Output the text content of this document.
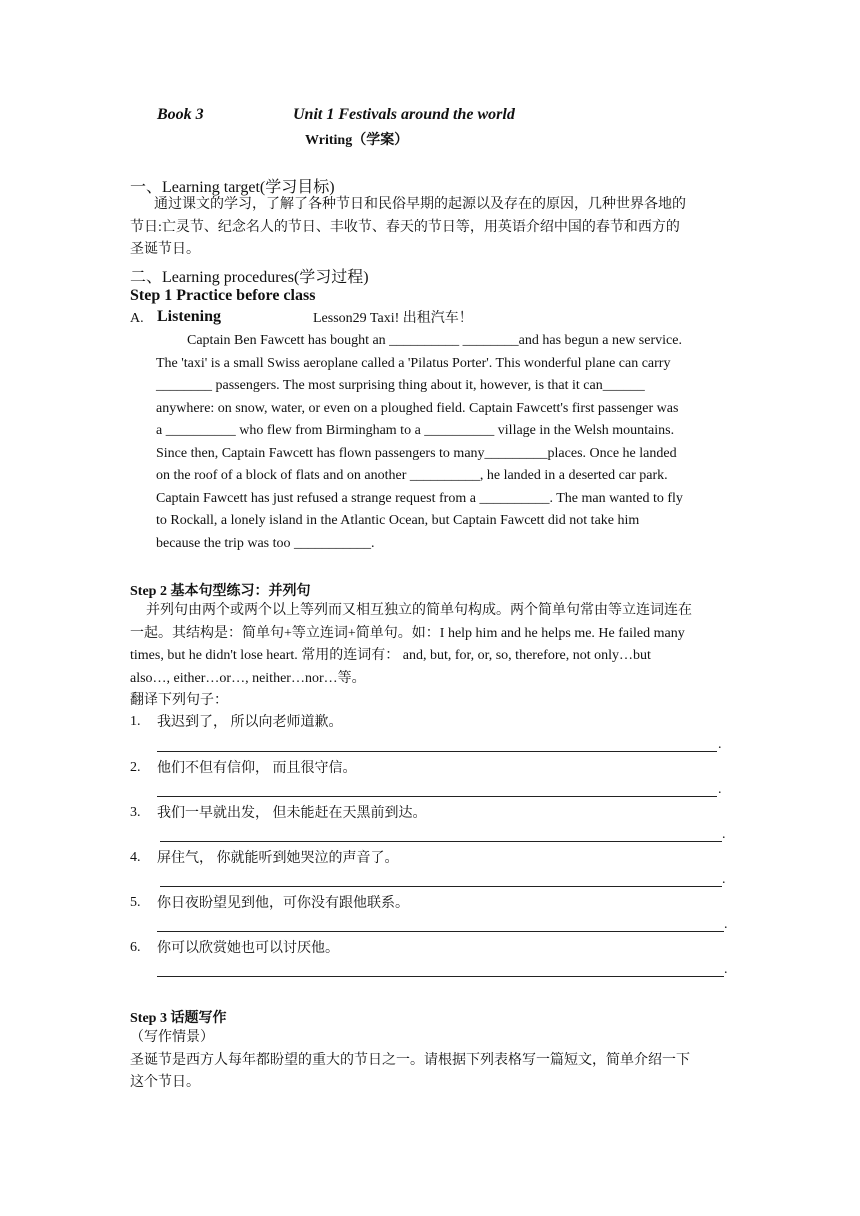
Book 3	Unit 1 Festivals around the world
Writing（学案）
一、Learning target(学习目标)
通过课文的学习，了解了各种节日和民俗早期的起源以及存在的原因，几种世界各地的
节日:亡灵节、纪念名人的节日、丰收节、春天的节日等，用英语介绍中国的春节和西方的
圣诞节日。
二、Learning procedures(学习过程)
Step 1 Practice before class
A. Listening	Lesson29 Taxi! 出租汽车！
Captain Ben Fawcett has bought an __________ ________and has begun a new service.
The 'taxi' is a small Swiss aeroplane called a 'Pilatus Porter'. This wonderful plane can carry
________ passengers. The most surprising thing about it, however, is that it can______
anywhere: on snow, water, or even on a ploughed field. Captain Fawcett's first passenger was
a __________ who flew from Birmingham to a __________ village in the Welsh mountains.
Since then, Captain Fawcett has flown passengers to many_________places. Once he landed
on the roof of a block of flats and on another __________, he landed in a deserted car park.
Captain Fawcett has just refused a strange request from a __________. The man wanted to fly
to Rockall, a lonely island in the Atlantic Ocean, but Captain Fawcett did not take him
because the trip was too ___________.
Step 2 基本句型练习：并列句
并列句由两个或两个以上等列而又相互独立的简单句构成。两个简单句常由等立连词连在
一起。其结构是：简单句+等立连词+简单句。如：I help him and he helps me. He failed many
times, but he didn't lose heart. 常用的连词有： and, but, for, or, so, therefore, not only…but
also…, either…or…, neither…nor…等。
翻译下列句子：
1. 我迟到了， 所以向老师道歉。
.
2. 他们不但有信仰， 而且很守信。
.
3. 我们一早就出发， 但未能赶在天黑前到达。
.
4. 屏住气， 你就能听到她哭泣的声音了。
.
5. 你日夜盼望见到他，可你没有跟他联系。
.
6. 你可以欣赏她也可以讨厌他。
.
Step 3 话题写作
（写作情景）
圣诞节是西方人每年都盼望的重大的节日之一。请根据下列表格写一篇短文，简单介绍一下
这个节日。
